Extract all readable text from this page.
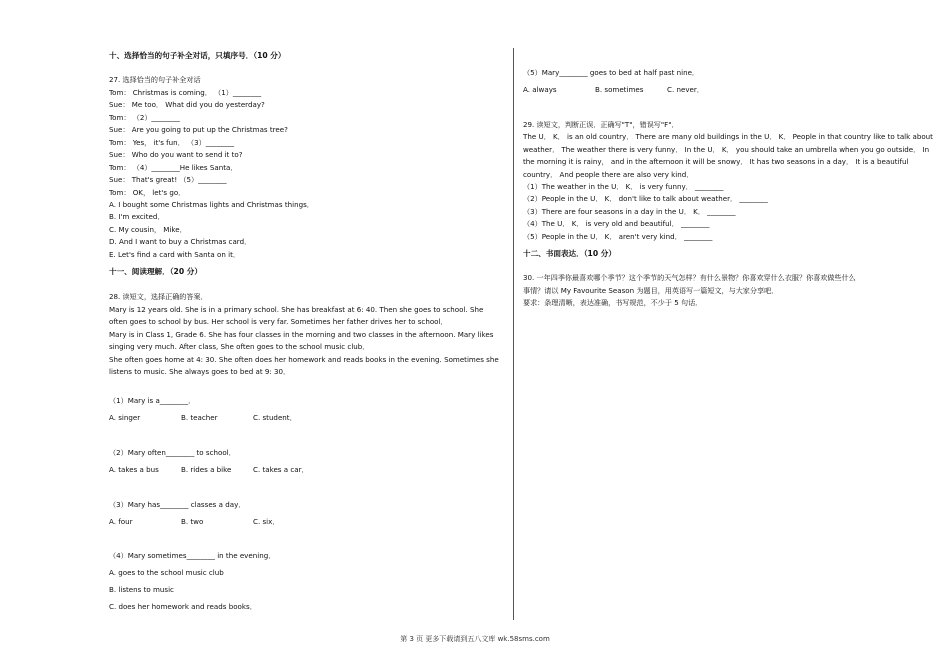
十、选择恰当的句子补全对话，只填序号．（10 分）
27. 选择恰当的句子补全对话
Tom： Christmas is coming． （1）________
Sue： Me too． What did you do yesterday?
Tom： （2）________
Sue： Are you going to put up the Christmas tree?
Tom： Yes， it's fun． （3）________
Sue： Who do you want to send it to?
Tom： （4）________He likes Santa．
Sue： That's great! （5）________
Tom： OK， let's go．
A. I bought some Christmas lights and Christmas things．
B. I'm excited．
C. My cousin， Mike．
D. And I want to buy a Christmas card．
E. Let's find a card with Santa on it．
十一、阅读理解．（20 分）
28. 读短文，选择正确的答案．
Mary is 12 years old. She is in a primary school. She has breakfast at 6: 40. Then she goes to school. She
often goes to school by bus. Her school is very far. Sometimes her father drives her to school．
Mary is in Class 1, Grade 6. She has four classes in the morning and two classes in the afternoon. Mary likes
singing very much. After class, She often goes to the school music club．
She often goes home at 4: 30. She often does her homework and reads books in the evening. Sometimes she
listens to music. She always goes to bed at 9: 30．
（1）Mary is a________．
A. singer	B. teacher	C. student．
（2）Mary often________ to school．
A. takes a bus	B. rides a bike	C. takes a car．
（3）Mary has________ classes a day．
A. four	B. two	C. six．
（4）Mary sometimes________ in the evening．
A. goes to the school music club
B. listens to music
C. does her homework and reads books．
（5）Mary________ goes to bed at half past nine．
A. always	B. sometimes	C. never．
29. 读短文，判断正误．正确写"T"，错误写"F"．
The U． K． is an old country． There are many old buildings in the U． K． People in that country like to talk about
weather． The weather there is very funny． In the U． K． you should take an umbrella when you go outside． In
the morning it is rainy， and in the afternoon it will be snowy． It has two seasons in a day． It is a beautiful
country． And people there are also very kind．
（1）The weather in the U． K． is very funny． ________
（2）People in the U． K． don't like to talk about weather． ________
（3）There are four seasons in a day in the U． K． ________
（4）The U． K． is very old and beautiful． ________
（5）People in the U． K． aren't very kind． ________
十二、书面表达．（10 分）
30. 一年四季你最喜欢哪个季节？这个季节的天气怎样？有什么景物？你喜欢穿什么衣服？你喜欢做些什么
事情？请以 My Favourite Season 为题目，用英语写一篇短文，与大家分享吧．
要求：条理清晰，表达准确，书写规范，不少于 5 句话．
第 3 页 更多下载请到五八文库 wk.58sms.com
